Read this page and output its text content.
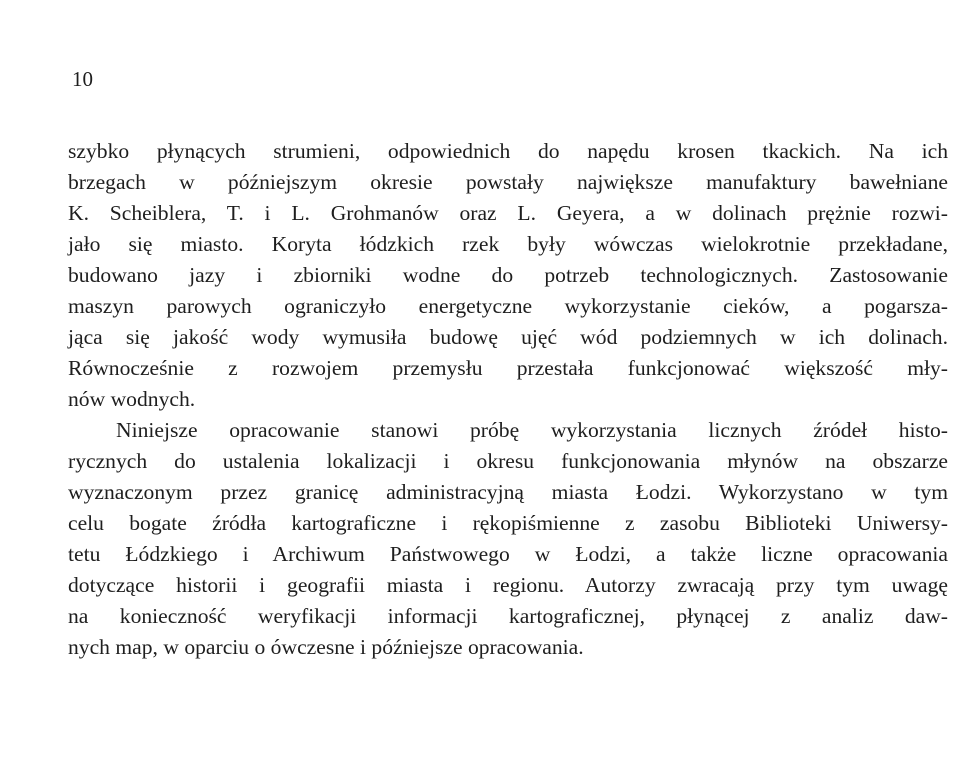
10
szybko płynących strumieni, odpowiednich do napędu krosen tkackich. Na ich
brzegach w późniejszym okresie powstały największe manufaktury bawełniane
K. Scheiblera, T. i L. Grohmanów oraz L. Geyera, a w dolinach prężnie rozwi-
jało się miasto. Koryta łódzkich rzek były wówczas wielokrotnie przekładane,
budowano jazy i zbiorniki wodne do potrzeb technologicznych. Zastosowanie
maszyn parowych ograniczyło energetyczne wykorzystanie cieków, a pogarsza-
jąca się jakość wody wymusiła budowę ujęć wód podziemnych w ich dolinach.
Równocześnie z rozwojem przemysłu przestała funkcjonować większość mły-
nów wodnych.
Niniejsze opracowanie stanowi próbę wykorzystania licznych źródeł histo-
rycznych do ustalenia lokalizacji i okresu funkcjonowania młynów na obszarze
wyznaczonym przez granicę administracyjną miasta Łodzi. Wykorzystano w tym
celu bogate źródła kartograficzne i rękopiśmienne z zasobu Biblioteki Uniwersy-
tetu Łódzkiego i Archiwum Państwowego w Łodzi, a także liczne opracowania
dotyczące historii i geografii miasta i regionu. Autorzy zwracają przy tym uwagę
na konieczność weryfikacji informacji kartograficznej, płynącej z analiz daw-
nych map, w oparciu o ówczesne i późniejsze opracowania.
